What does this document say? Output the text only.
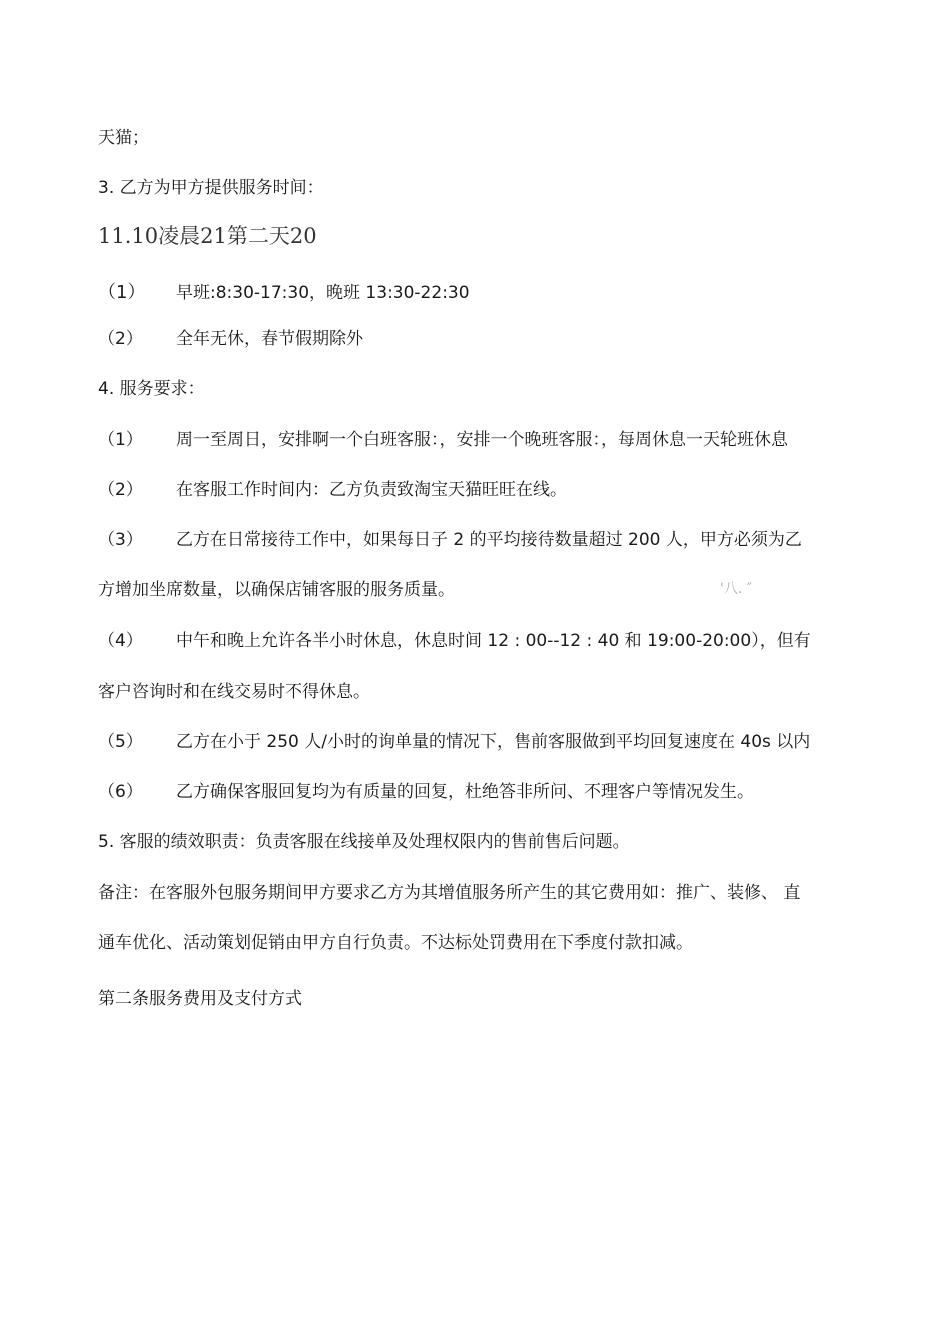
天猫；
3. 乙方为甲方提供服务时间：
11.10凌晨21第二天20
（1） 早班:8:30-17:30，晚班 13:30-22:30
（2） 全年无休，春节假期除外
4. 服务要求：
（1） 周一至周日，安排啊一个白班客服：，安排一个晚班客服：，每周休息一天轮班休息
（2） 在客服工作时间内：乙方负责致淘宝天猫旺旺在线。
（3） 乙方在日常接待工作中，如果每日子 2 的平均接待数量超过 200 人，甲方必须为乙
方增加坐席数量，以确保店铺客服的服务质量。	'八. ″
（4） 中午和晚上允许各半小时休息，休息时间 12 : 00--12 : 40 和 19:00-20:00），但有
客户咨询时和在线交易时不得休息。
（5） 乙方在小于 250 人/小时的询单量的情况下，售前客服做到平均回复速度在 40s 以内
（6） 乙方确保客服回复均为有质量的回复，杜绝答非所问、不理客户等情况发生。
5. 客服的绩效职责：负责客服在线接单及处理权限内的售前售后问题。
备注：在客服外包服务期间甲方要求乙方为其增值服务所产生的其它费用如：推广、装修、 直
通车优化、活动策划促销由甲方自行负责。不达标处罚费用在下季度付款扣减。
第二条服务费用及支付方式
